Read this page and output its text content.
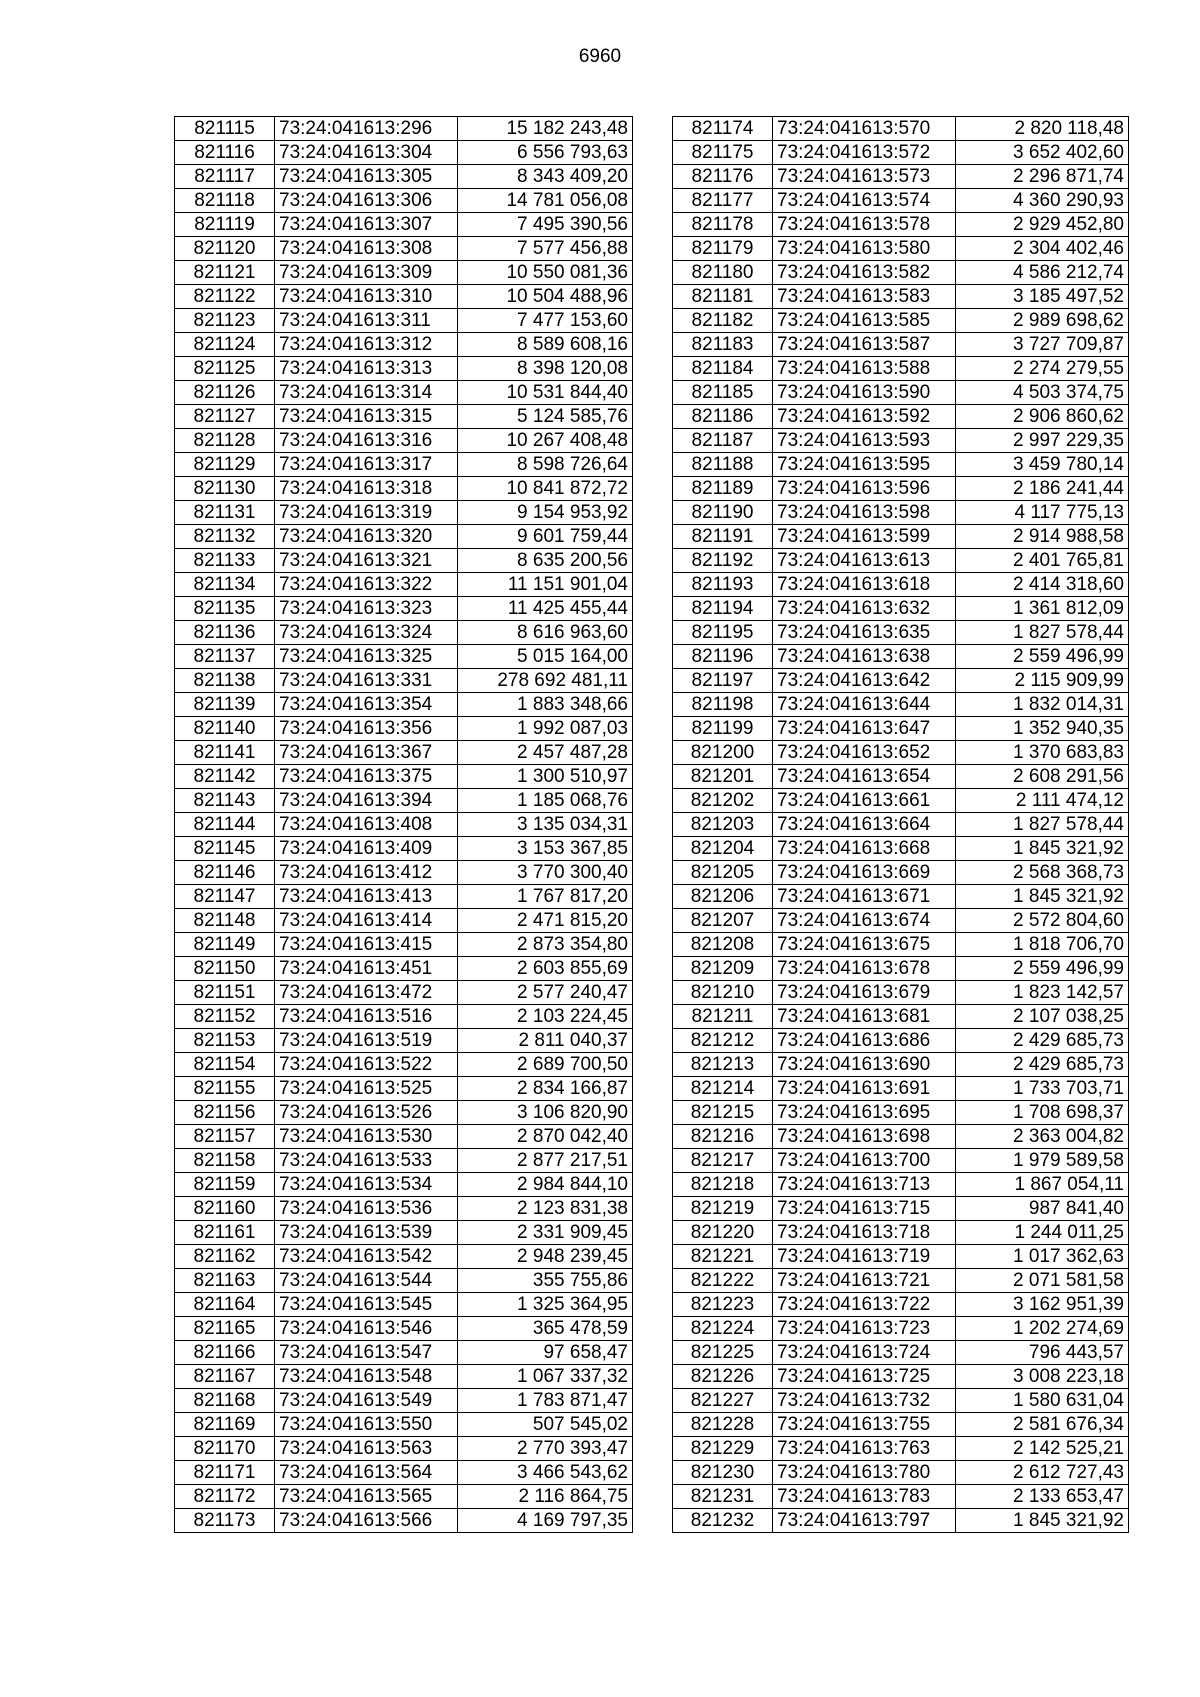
6960
821115	73:24:041613:296	15 182 243,48
821116	73:24:041613:304	6 556 793,63
821117	73:24:041613:305	8 343 409,20
821118	73:24:041613:306	14 781 056,08
821119	73:24:041613:307	7 495 390,56
821120	73:24:041613:308	7 577 456,88
821121	73:24:041613:309	10 550 081,36
821122	73:24:041613:310	10 504 488,96
821123	73:24:041613:311	7 477 153,60
821124	73:24:041613:312	8 589 608,16
821125	73:24:041613:313	8 398 120,08
821126	73:24:041613:314	10 531 844,40
821127	73:24:041613:315	5 124 585,76
821128	73:24:041613:316	10 267 408,48
821129	73:24:041613:317	8 598 726,64
821130	73:24:041613:318	10 841 872,72
821131	73:24:041613:319	9 154 953,92
821132	73:24:041613:320	9 601 759,44
821133	73:24:041613:321	8 635 200,56
821134	73:24:041613:322	11 151 901,04
821135	73:24:041613:323	11 425 455,44
821136	73:24:041613:324	8 616 963,60
821137	73:24:041613:325	5 015 164,00
821138	73:24:041613:331	278 692 481,11
821139	73:24:041613:354	1 883 348,66
821140	73:24:041613:356	1 992 087,03
821141	73:24:041613:367	2 457 487,28
821142	73:24:041613:375	1 300 510,97
821143	73:24:041613:394	1 185 068,76
821144	73:24:041613:408	3 135 034,31
821145	73:24:041613:409	3 153 367,85
821146	73:24:041613:412	3 770 300,40
821147	73:24:041613:413	1 767 817,20
821148	73:24:041613:414	2 471 815,20
821149	73:24:041613:415	2 873 354,80
821150	73:24:041613:451	2 603 855,69
821151	73:24:041613:472	2 577 240,47
821152	73:24:041613:516	2 103 224,45
821153	73:24:041613:519	2 811 040,37
821154	73:24:041613:522	2 689 700,50
821155	73:24:041613:525	2 834 166,87
821156	73:24:041613:526	3 106 820,90
821157	73:24:041613:530	2 870 042,40
821158	73:24:041613:533	2 877 217,51
821159	73:24:041613:534	2 984 844,10
821160	73:24:041613:536	2 123 831,38
821161	73:24:041613:539	2 331 909,45
821162	73:24:041613:542	2 948 239,45
821163	73:24:041613:544	355 755,86
821164	73:24:041613:545	1 325 364,95
821165	73:24:041613:546	365 478,59
821166	73:24:041613:547	97 658,47
821167	73:24:041613:548	1 067 337,32
821168	73:24:041613:549	1 783 871,47
821169	73:24:041613:550	507 545,02
821170	73:24:041613:563	2 770 393,47
821171	73:24:041613:564	3 466 543,62
821172	73:24:041613:565	2 116 864,75
821173	73:24:041613:566	4 169 797,35
821174	73:24:041613:570	2 820 118,48
821175	73:24:041613:572	3 652 402,60
821176	73:24:041613:573	2 296 871,74
821177	73:24:041613:574	4 360 290,93
821178	73:24:041613:578	2 929 452,80
821179	73:24:041613:580	2 304 402,46
821180	73:24:041613:582	4 586 212,74
821181	73:24:041613:583	3 185 497,52
821182	73:24:041613:585	2 989 698,62
821183	73:24:041613:587	3 727 709,87
821184	73:24:041613:588	2 274 279,55
821185	73:24:041613:590	4 503 374,75
821186	73:24:041613:592	2 906 860,62
821187	73:24:041613:593	2 997 229,35
821188	73:24:041613:595	3 459 780,14
821189	73:24:041613:596	2 186 241,44
821190	73:24:041613:598	4 117 775,13
821191	73:24:041613:599	2 914 988,58
821192	73:24:041613:613	2 401 765,81
821193	73:24:041613:618	2 414 318,60
821194	73:24:041613:632	1 361 812,09
821195	73:24:041613:635	1 827 578,44
821196	73:24:041613:638	2 559 496,99
821197	73:24:041613:642	2 115 909,99
821198	73:24:041613:644	1 832 014,31
821199	73:24:041613:647	1 352 940,35
821200	73:24:041613:652	1 370 683,83
821201	73:24:041613:654	2 608 291,56
821202	73:24:041613:661	2 111 474,12
821203	73:24:041613:664	1 827 578,44
821204	73:24:041613:668	1 845 321,92
821205	73:24:041613:669	2 568 368,73
821206	73:24:041613:671	1 845 321,92
821207	73:24:041613:674	2 572 804,60
821208	73:24:041613:675	1 818 706,70
821209	73:24:041613:678	2 559 496,99
821210	73:24:041613:679	1 823 142,57
821211	73:24:041613:681	2 107 038,25
821212	73:24:041613:686	2 429 685,73
821213	73:24:041613:690	2 429 685,73
821214	73:24:041613:691	1 733 703,71
821215	73:24:041613:695	1 708 698,37
821216	73:24:041613:698	2 363 004,82
821217	73:24:041613:700	1 979 589,58
821218	73:24:041613:713	1 867 054,11
821219	73:24:041613:715	987 841,40
821220	73:24:041613:718	1 244 011,25
821221	73:24:041613:719	1 017 362,63
821222	73:24:041613:721	2 071 581,58
821223	73:24:041613:722	3 162 951,39
821224	73:24:041613:723	1 202 274,69
821225	73:24:041613:724	796 443,57
821226	73:24:041613:725	3 008 223,18
821227	73:24:041613:732	1 580 631,04
821228	73:24:041613:755	2 581 676,34
821229	73:24:041613:763	2 142 525,21
821230	73:24:041613:780	2 612 727,43
821231	73:24:041613:783	2 133 653,47
821232	73:24:041613:797	1 845 321,92
